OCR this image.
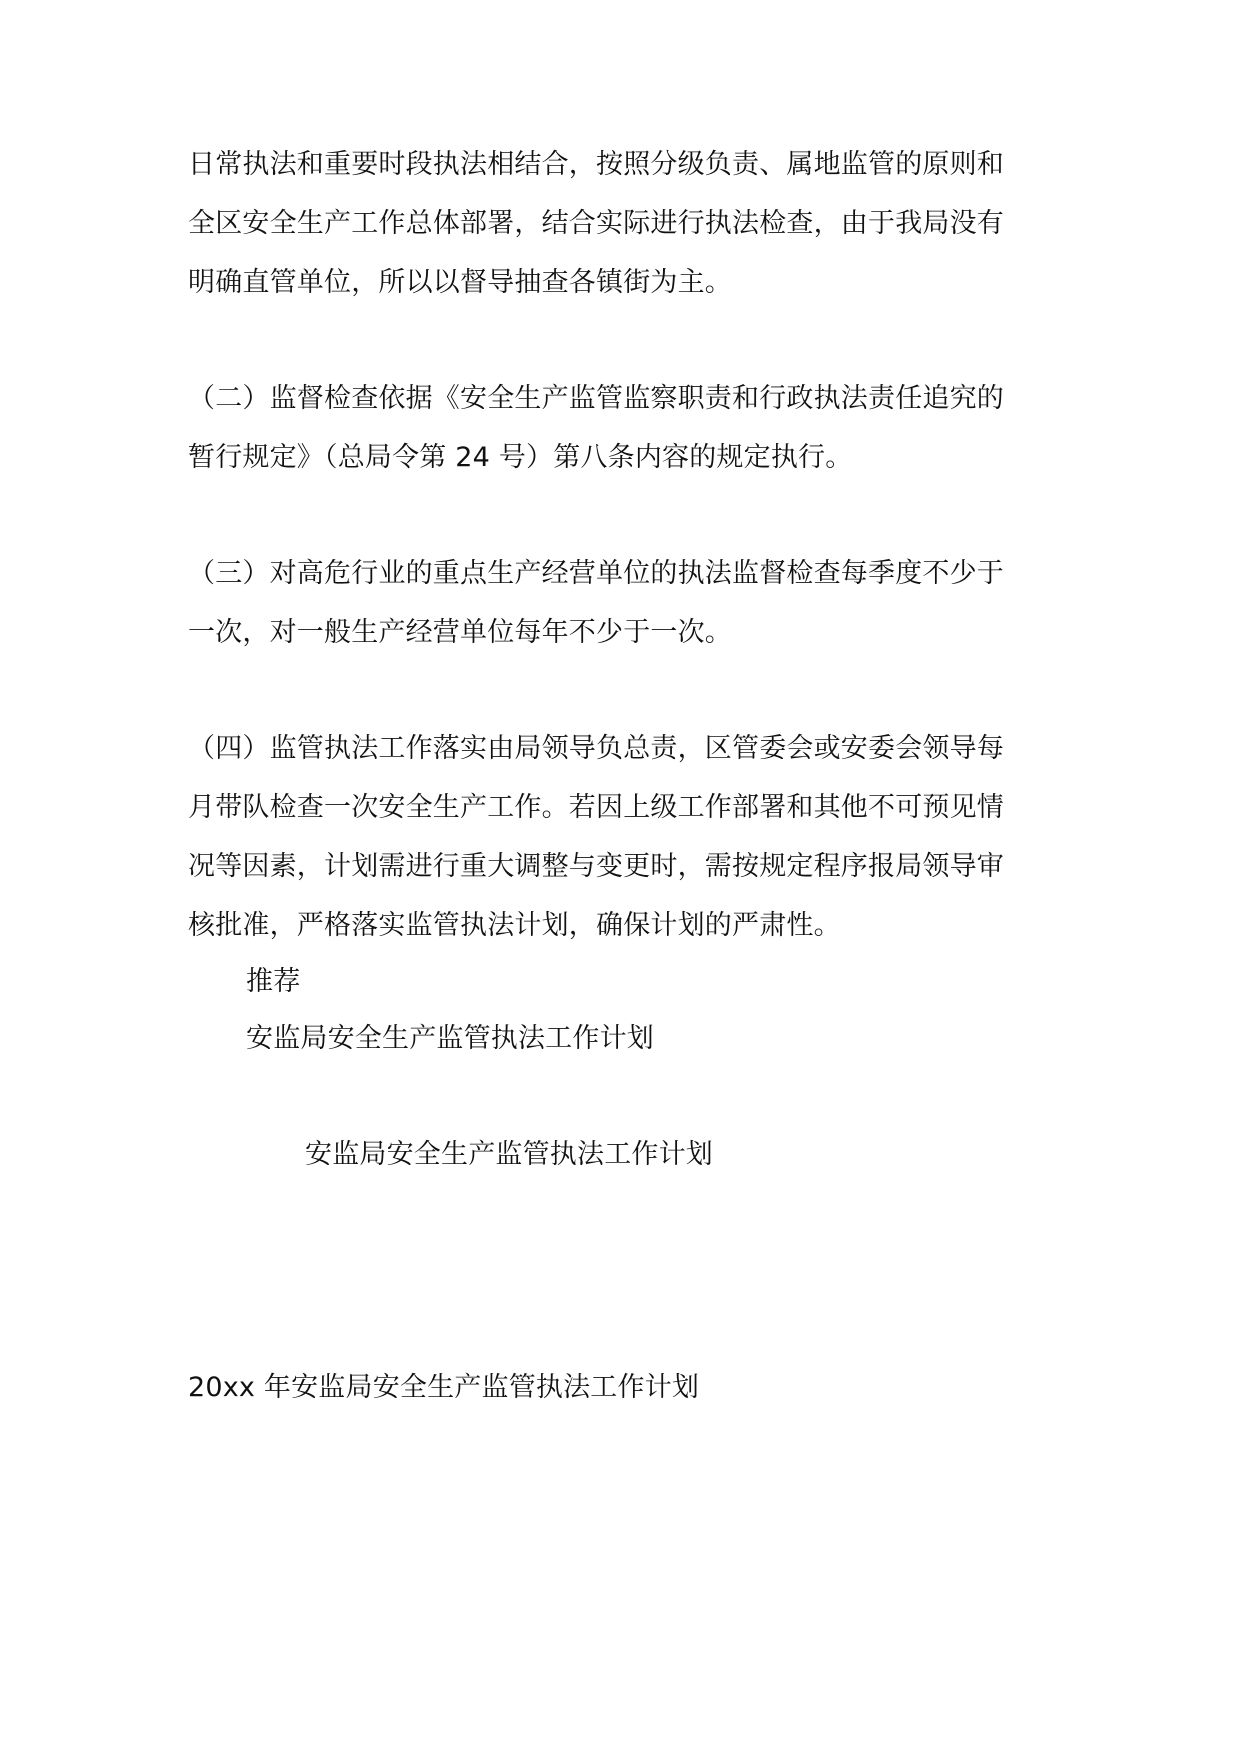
日常执法和重要时段执法相结合，按照分级负责、属地监管的原则和
全区安全生产工作总体部署，结合实际进行执法检查，由于我局没有
明确直管单位，所以以督导抽查各镇街为主。
（二）监督检查依据《安全生产监管监察职责和行政执法责任追究的
暂行规定》（总局令第 24 号）第八条内容的规定执行。
（三）对高危行业的重点生产经营单位的执法监督检查每季度不少于
一次，对一般生产经营单位每年不少于一次。
（四）监管执法工作落实由局领导负总责，区管委会或安委会领导每
月带队检查一次安全生产工作。若因上级工作部署和其他不可预见情
况等因素，计划需进行重大调整与变更时，需按规定程序报局领导审
核批准，严格落实监管执法计划，确保计划的严肃性。
推荐
安监局安全生产监管执法工作计划
安监局安全生产监管执法工作计划
20xx 年安监局安全生产监管执法工作计划
